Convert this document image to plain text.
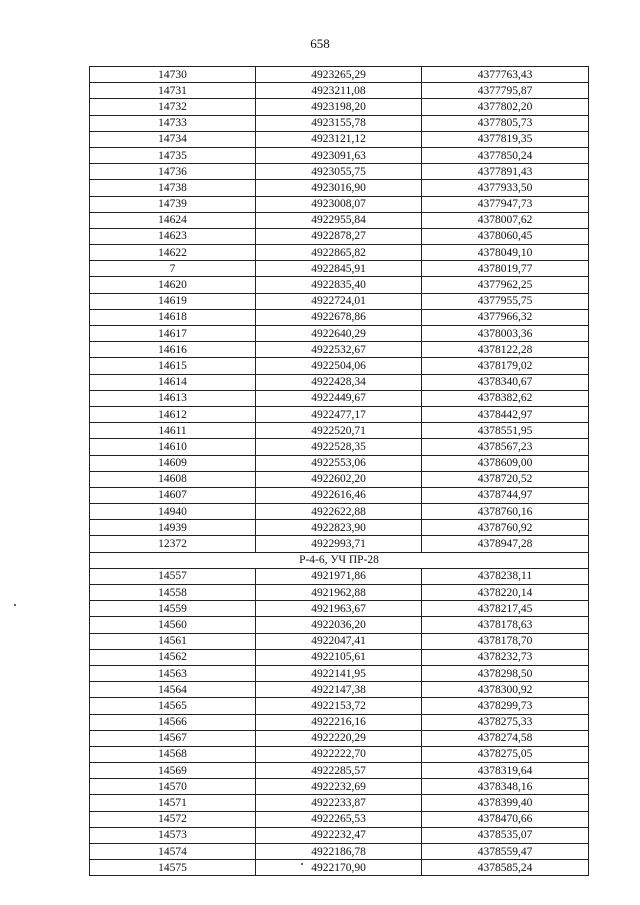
658
14730	4923265,29	4377763,43
14731	4923211,08	4377795,87
14732	4923198,20	4377802,20
14733	4923155,78	4377805,73
14734	4923121,12	4377819,35
14735	4923091,63	4377850,24
14736	4923055,75	4377891,43
14738	4923016,90	4377933,50
14739	4923008,07	4377947,73
14624	4922955,84	4378007,62
14623	4922878,27	4378060,45
14622	4922865,82	4378049,10
7	4922845,91	4378019,77
14620	4922835,40	4377962,25
14619	4922724,01	4377955,75
14618	4922678,86	4377966,32
14617	4922640,29	4378003,36
14616	4922532,67	4378122,28
14615	4922504,06	4378179,02
14614	4922428,34	4378340,67
14613	4922449,67	4378382,62
14612	4922477,17	4378442,97
14611	4922520,71	4378551,95
14610	4922528,35	4378567,23
14609	4922553,06	4378609,00
14608	4922602,20	4378720,52
14607	4922616,46	4378744,97
14940	4922622,88	4378760,16
14939	4922823,90	4378760,92
12372	4922993,71	4378947,28
Р-4-6, УЧ ПР-28		
14557	4921971,86	4378238,11
14558	4921962,88	4378220,14
14559	4921963,67	4378217,45
14560	4922036,20	4378178,63
14561	4922047,41	4378178,70
14562	4922105,61	4378232,73
14563	4922141,95	4378298,50
14564	4922147,38	4378300,92
14565	4922153,72	4378299,73
14566	4922216,16	4378275,33
14567	4922220,29	4378274,58
14568	4922222,70	4378275,05
14569	4922285,57	4378319,64
14570	4922232,69	4378348,16
14571	4922233,87	4378399,40
14572	4922265,53	4378470,66
14573	4922232,47	4378535,07
14574	4922186,78	4378559,47
14575	4922170,90	4378585,24
